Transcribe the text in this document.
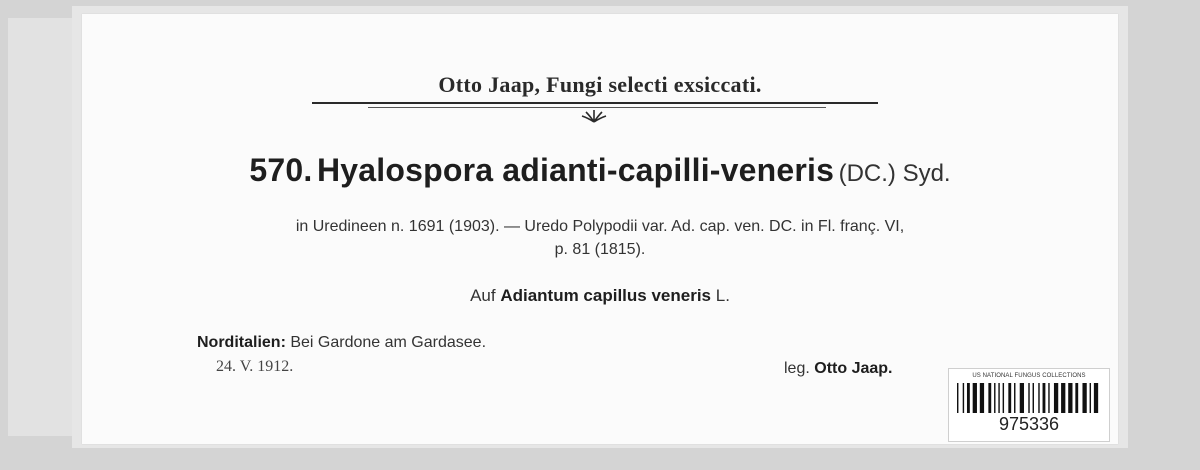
Otto Jaap, Fungi selecti exsiccati.
570. Hyalospora adianti-capilli-veneris (DC.) Syd.
in Uredineen n. 1691 (1903). — Uredo Polypodii var. Ad. cap. ven. DC. in Fl. franç. VI,
p. 81 (1815).
Auf Adiantum capillus veneris L.
Norditalien: Bei Gardone am Gardasee.
24. V. 1912.	leg. Otto Jaap.	US NATIONAL FUNGUS COLLECTIONS
975336
